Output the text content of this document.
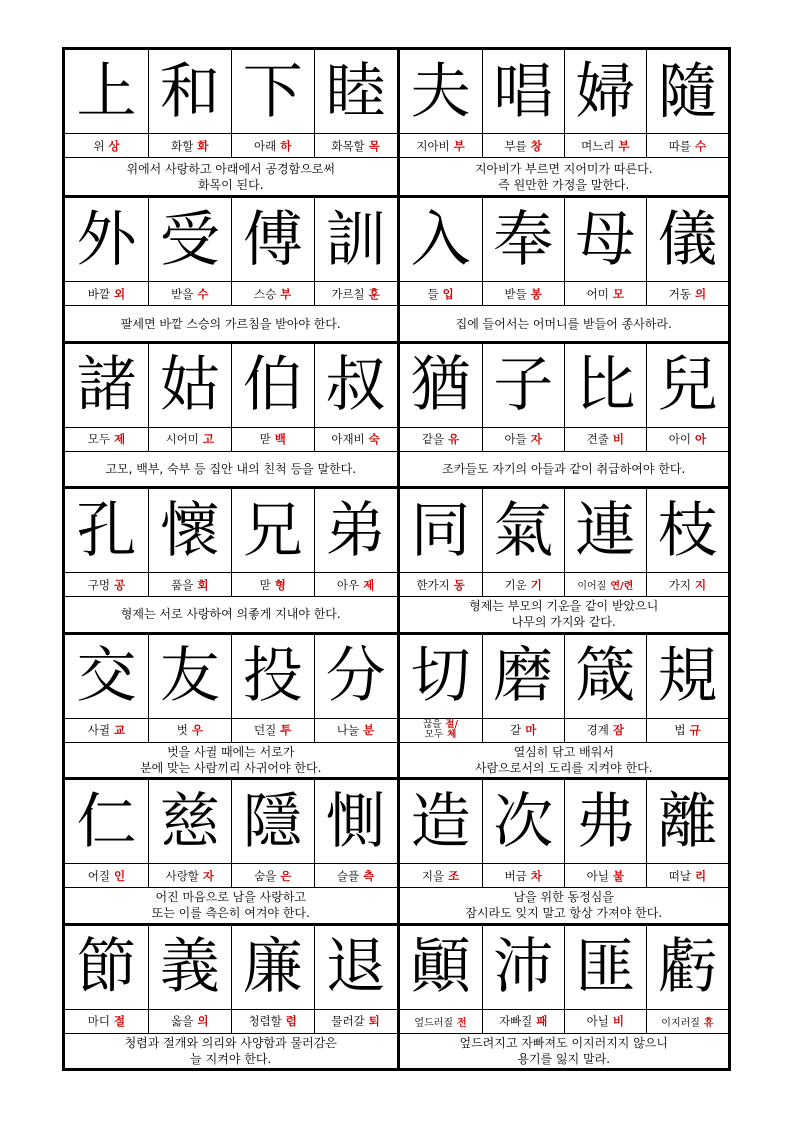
上 和 下 睦
위 상	화할 화	아래 하	화목할 목
위에서 사랑하고 아래에서 공경함으로써
화목이 된다.
夫 唱 婦 隨
지아비 부	부를 창	며느리 부	따를 수
지아비가 부르면 지어미가 따른다.
즉 원만한 가정을 말한다.
外 受 傅 訓
바깥 외	받을 수	스승 부	가르칠 훈
팔세면 바깥 스승의 가르침을 받아야 한다.
入 奉 母 儀
들 입	받들 봉	어미 모	거동 의
집에 들어서는 어머니를 받들어 종사하라.
諸 姑 伯 叔
모두 제	시어미 고	맏 백	아재비 숙
고모, 백부, 숙부 등 집안 내의 친척 등을 말한다.
猶 子 比 兒
같을 유	아들 자	견줄 비	아이 아
조카들도 자기의 아들과 같이 취급하여야 한다.
孔 懷 兄 弟
구멍 공	품을 회	맏 형	아우 제
형제는 서로 사랑하여 의좋게 지내야 한다.
同 氣 連 枝
한가지 동	기운 기	이어질 연/련	가지 지
형제는 부모의 기운을 같이 받았으니
나무의 가지와 같다.
交 友 投 分
사귈 교	벗 우	던질 투	나눌 분
벗을 사귈 때에는 서로가
분에 맞는 사람끼리 사귀어야 한다.
切 磨 箴 規
끊을 절/
모두 체	갈 마	경계 잠	법 규
열심히 닦고 배워서
사람으로서의 도리를 지켜야 한다.
仁 慈 隱 惻
어질 인	사랑할 자	숨을 은	슬플 측
어진 마음으로 남을 사랑하고
또는 이를 측은히 여겨야 한다.
造 次 弗 離
지을 조	버금 차	아닐 불	떠날 리
남을 위한 동정심을
잠시라도 잊지 말고 항상 가져야 한다.
節 義 廉 退
마디 절	옳을 의	청렴할 렴	물러갈 퇴
청렴과 절개와 의리와 사양함과 물러감은
늘 지켜야 한다.
顚 沛 匪 虧
엎드러질 전	자빠질 패	아닐 비	이지러질 휴
엎드려지고 자빠져도 이지러지지 않으니
용기를 잃지 말라.
